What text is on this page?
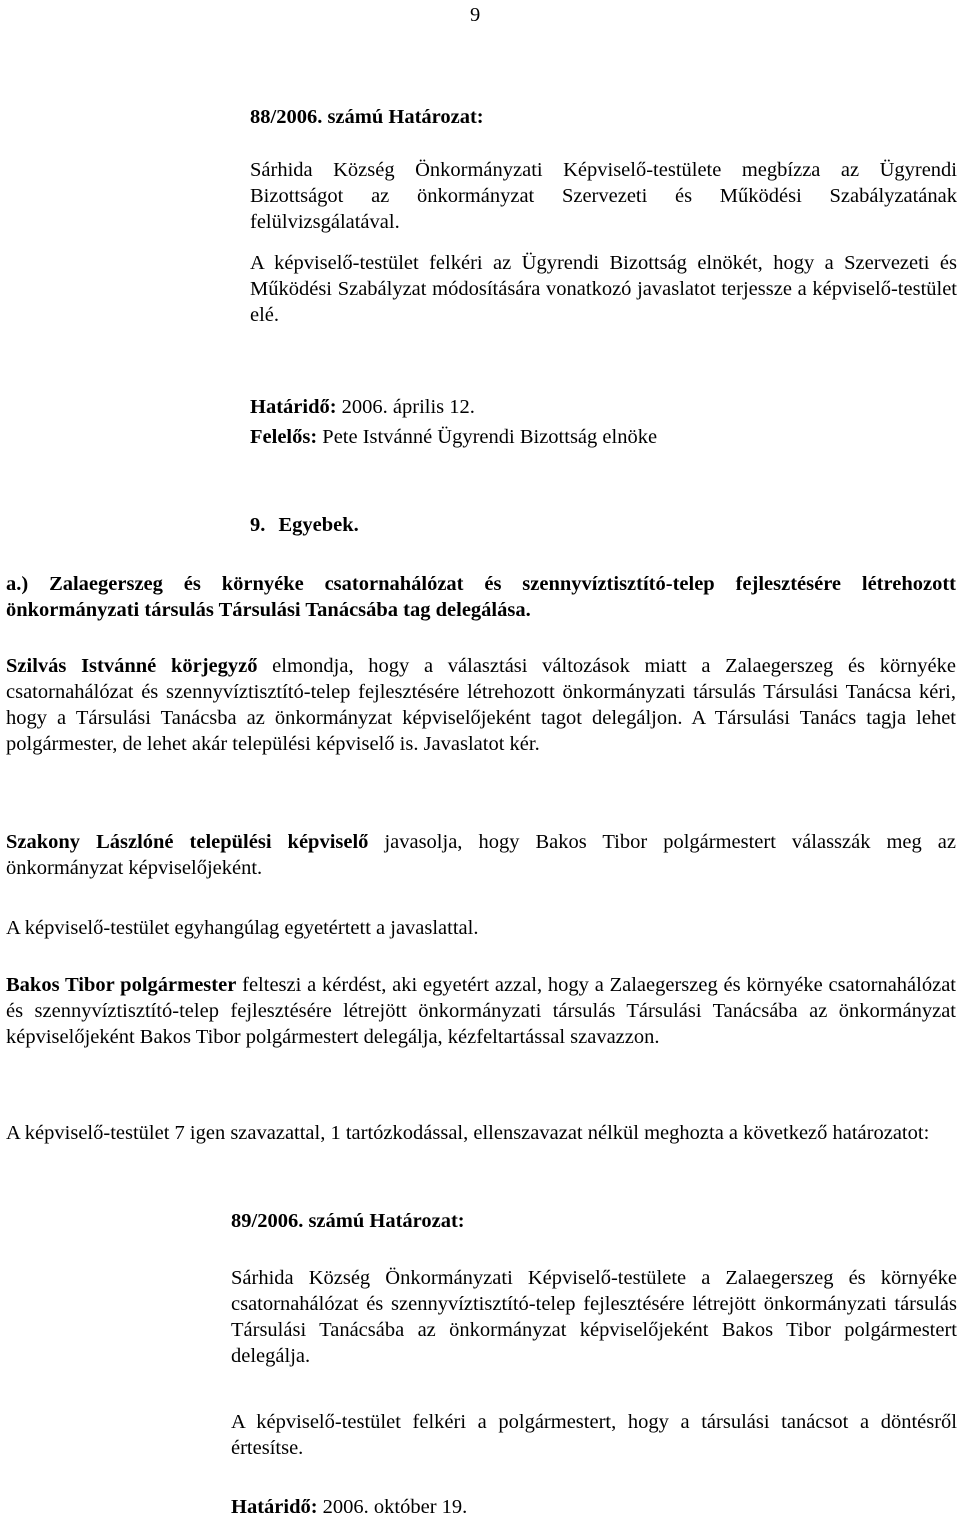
9
88/2006. számú Határozat:

Sárhida Község Önkormányzati Képviselő-testülete megbízza az Ügyrendi Bizottságot az önkormányzat Szervezeti és Működési Szabályzatának felülvizsgálatával.

A képviselő-testület felkéri az Ügyrendi Bizottság elnökét, hogy a Szervezeti és Működési Szabályzat módosítására vonatkozó javaslatot terjessze a képviselő-testület elé.

Határidő: 2006. április 12.
Felelős: Pete Istvánné Ügyrendi Bizottság elnöke
9. Egyebek.

a.) Zalaegerszeg és környéke csatornahálózat és szennyvíztisztító-telep fejlesztésére létrehozott önkormányzati társulás Társulási Tanácsába tag delegálása.

Szilvás Istvánné körjegyző elmondja, hogy a választási változások miatt a Zalaegerszeg és környéke csatornahálózat és szennyvíztisztító-telep fejlesztésére létrehozott önkormányzati társulás Társulási Tanácsa kéri, hogy a Társulási Tanácsba az önkormányzat képviselőjeként tagot delegáljon. A Társulási Tanács tagja lehet polgármester, de lehet akár települési képviselő is. Javaslatot kér.

Szakony Lászlóné települési képviselő javasolja, hogy Bakos Tibor polgármestert válasszák meg az önkormányzat képviselőjeként.

A képviselő-testület egyhangúlag egyetértett a javaslattal.

Bakos Tibor polgármester felteszi a kérdést, aki egyetért azzal, hogy a Zalaegerszeg és környéke csatornahálózat és szennyvíztisztító-telep fejlesztésére létrejött önkormányzati társulás Társulási Tanácsába az önkormányzat képviselőjeként Bakos Tibor polgármestert delegálja, kézfeltartással szavazzon.

A képviselő-testület 7 igen szavazattal, 1 tartózkodással, ellenszavazat nélkül meghozta a következő határozatot:

89/2006. számú Határozat:

Sárhida Község Önkormányzati Képviselő-testülete a Zalaegerszeg és környéke csatornahálózat és szennyvíztisztító-telep fejlesztésére létrejött önkormányzati társulás Társulási Tanácsába az önkormányzat képviselőjeként Bakos Tibor polgármestert delegálja.

A képviselő-testület felkéri a polgármestert, hogy a társulási tanácsot a döntésről értesítse.

Határidő: 2006. október 19.
